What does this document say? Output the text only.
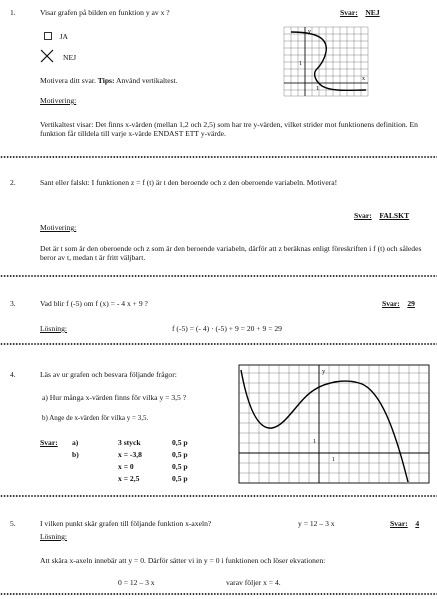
1.	Visar grafen på bilden en funktion y av x ?	Svar: NEJ
JA
NEJ
Motivera ditt svar. Tips: Använd vertikaltest.
Motivering:
Vertikaltest visar: Det finns x-värden (mellan 1,2 och 2,5) som har tre y-värden, vilket strider mot funktionens definition. En funktion får tilldela till varje x-värde ENDAST ETT y-värde.
y
x
1
1
2.	Sant eller falskt: I funktionen z = f (t) är t den beroende och z den oberoende variabeln. Motivera!
Svar: FALSKT
Motivering:
Det är t som är den oberoende och z som är den beroende variabeln, därför att z beräknas enligt föreskriften i f (t) och således beror av t, medan t är fritt väljbart.
3.	Vad blir f (-5) om f (x) = - 4 x + 9 ?	Svar: 29
Lösning:	f (-5) = (- 4) · (-5) + 9 = 20 + 9 = 29
4.	Läs av ur grafen och besvara följande frågor:
a) Hur många x-värden finns för vilka y = 3,5 ?
b) Ange de x-värden för vilka y = 3,5.
Svar: a)	3 styck	0,5 p
b)	x = -3,8	0,5 p
x = 0	0,5 p
x = 2,5	0,5 p
y
1
1
5.	I vilken punkt skär grafen till följande funktion x-axeln?	y = 12 – 3 x	Svar: 4
Lösning:
Att skära x-axeln innebär att y = 0. Därför sätter vi in y = 0 i funktionen och löser ekvationen:
0 = 12 – 3 x	varav följer x = 4.
